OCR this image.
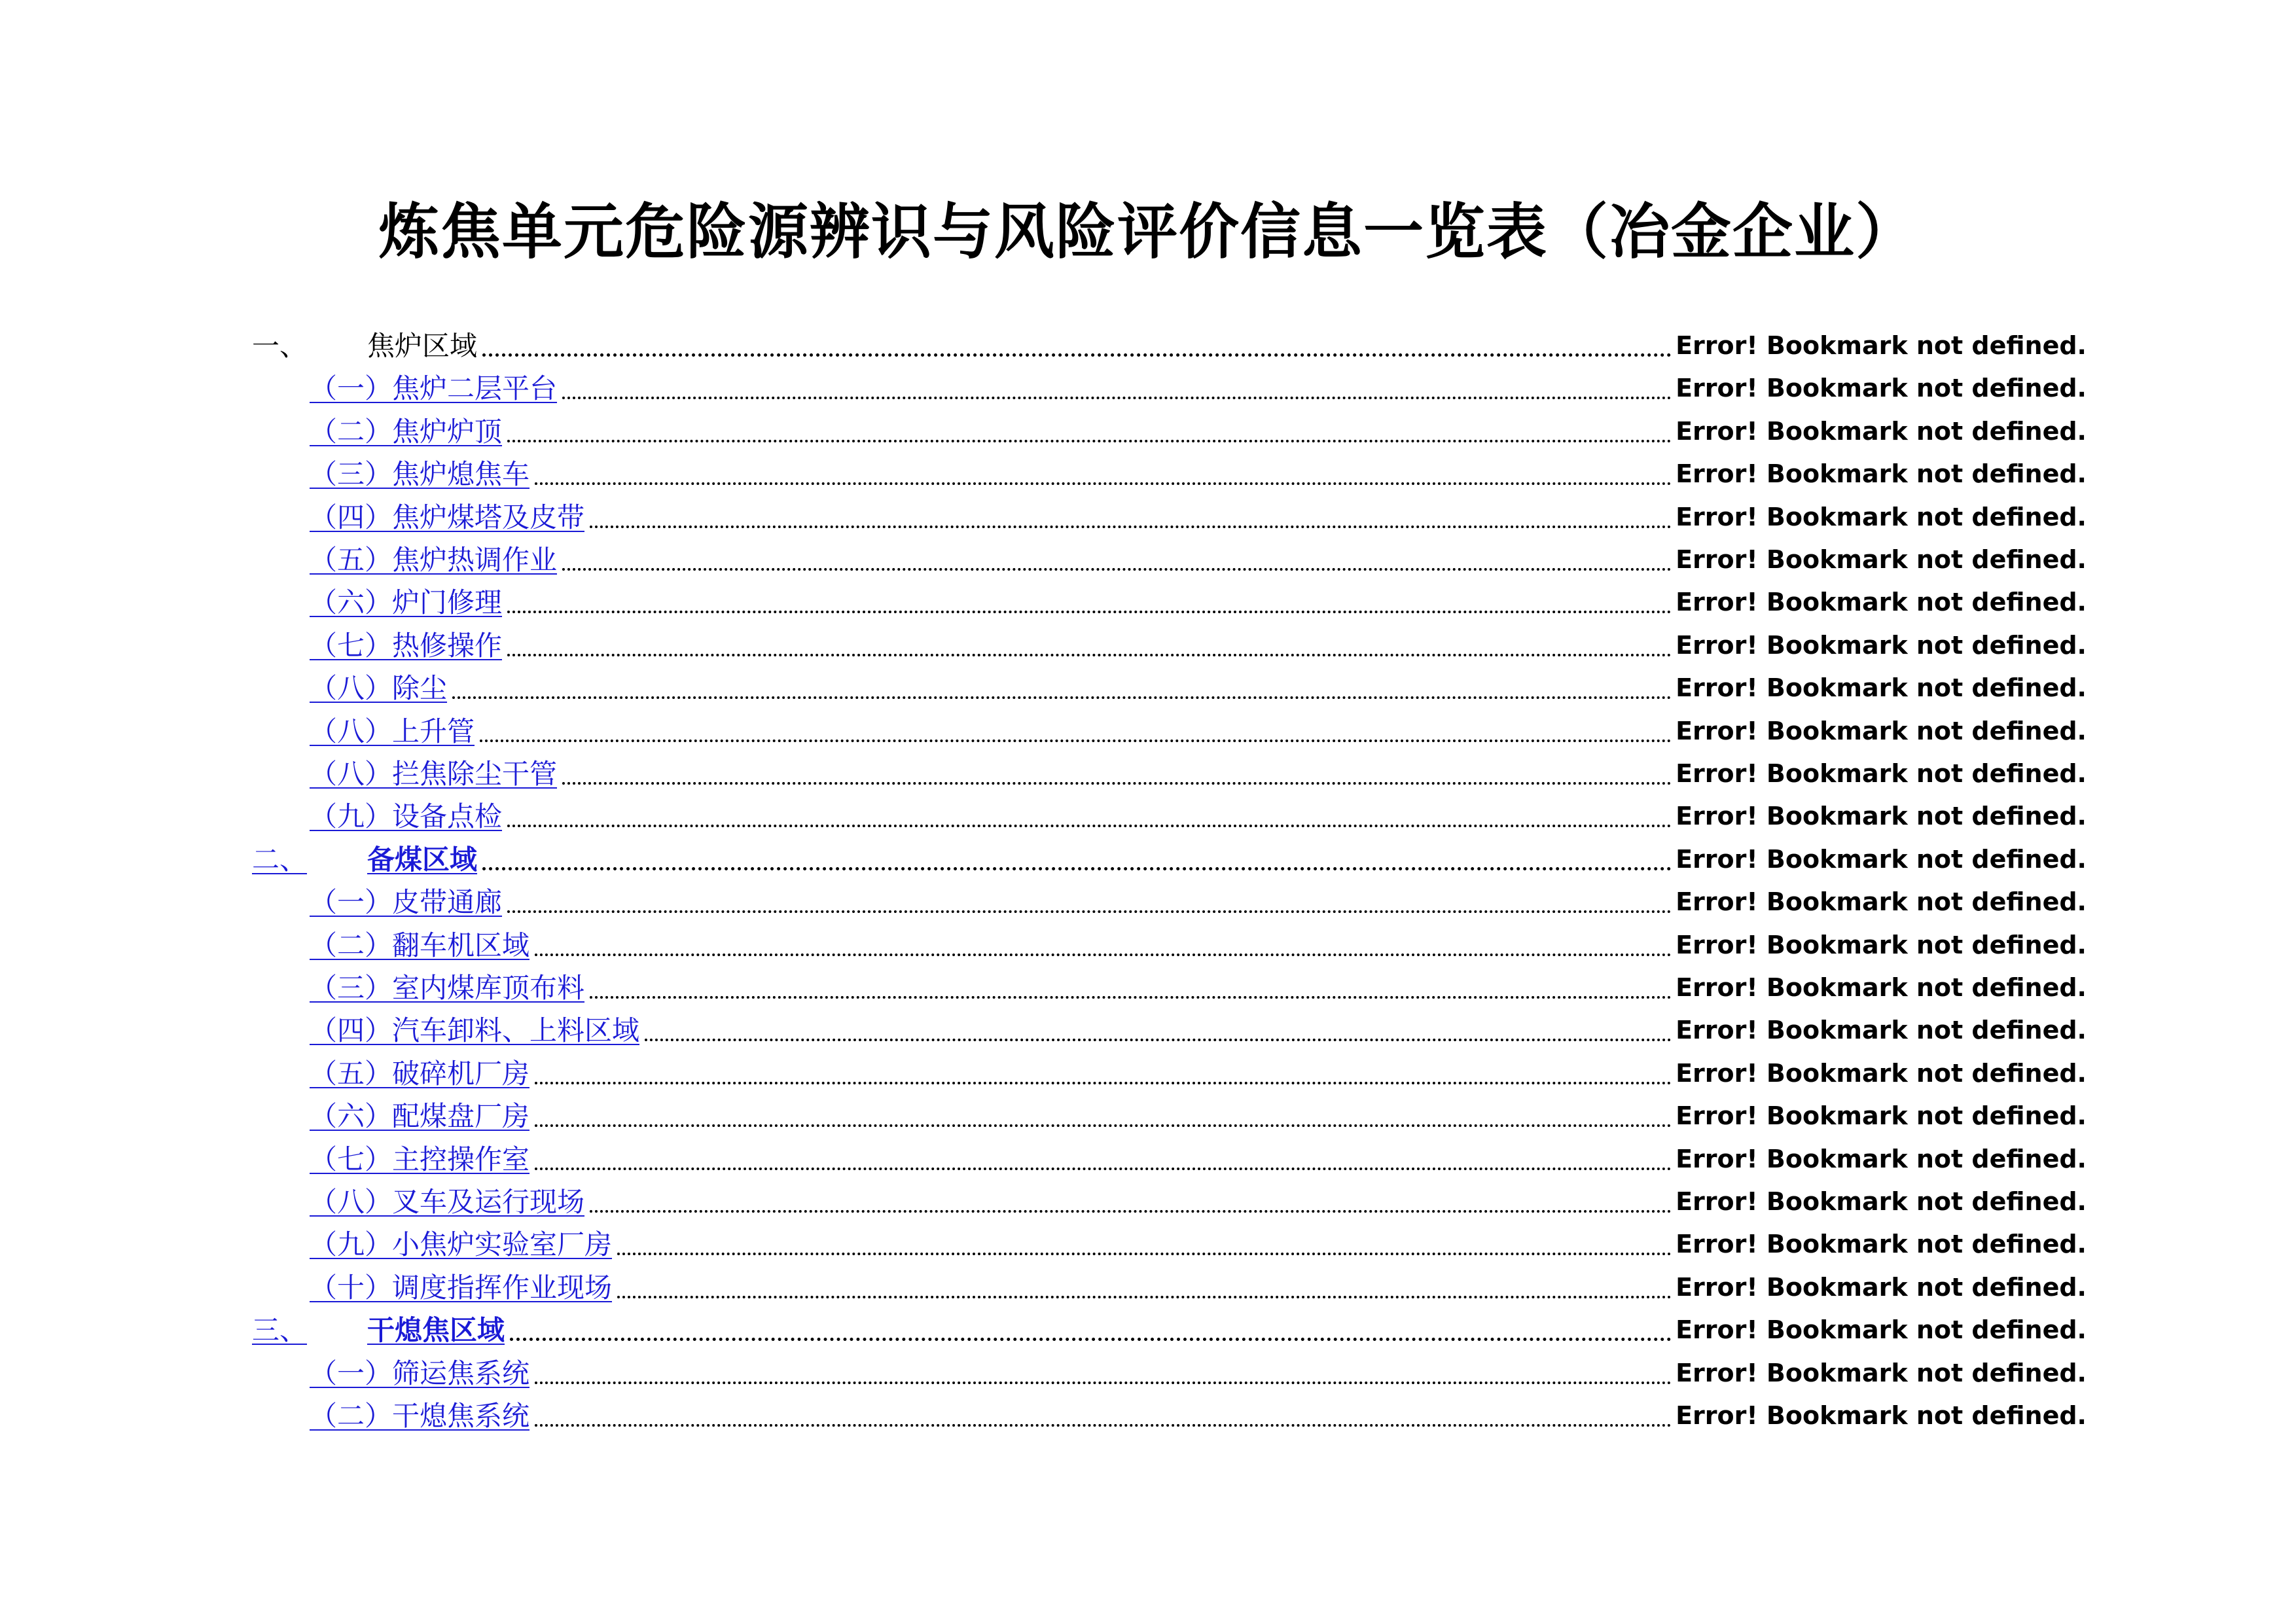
炼焦单元危险源辨识与风险评价信息一览表（冶金企业）
一、	焦炉区域	Error! Bookmark not defined.
（一）焦炉二层平台	Error! Bookmark not defined.
（二）焦炉炉顶	Error! Bookmark not defined.
（三）焦炉熄焦车	Error! Bookmark not defined.
（四）焦炉煤塔及皮带	Error! Bookmark not defined.
（五）焦炉热调作业	Error! Bookmark not defined.
（六）炉门修理	Error! Bookmark not defined.
（七）热修操作	Error! Bookmark not defined.
（八）除尘	Error! Bookmark not defined.
（八）上升管	Error! Bookmark not defined.
（八）拦焦除尘干管	Error! Bookmark not defined.
（九）设备点检	Error! Bookmark not defined.
二、	备煤区域	Error! Bookmark not defined.
（一）皮带通廊	Error! Bookmark not defined.
（二）翻车机区域	Error! Bookmark not defined.
（三）室内煤库顶布料	Error! Bookmark not defined.
（四）汽车卸料、上料区域	Error! Bookmark not defined.
（五）破碎机厂房	Error! Bookmark not defined.
（六）配煤盘厂房	Error! Bookmark not defined.
（七）主控操作室	Error! Bookmark not defined.
（八）叉车及运行现场	Error! Bookmark not defined.
（九）小焦炉实验室厂房	Error! Bookmark not defined.
（十）调度指挥作业现场	Error! Bookmark not defined.
三、	干熄焦区域	Error! Bookmark not defined.
（一）筛运焦系统	Error! Bookmark not defined.
（二）干熄焦系统	Error! Bookmark not defined.
